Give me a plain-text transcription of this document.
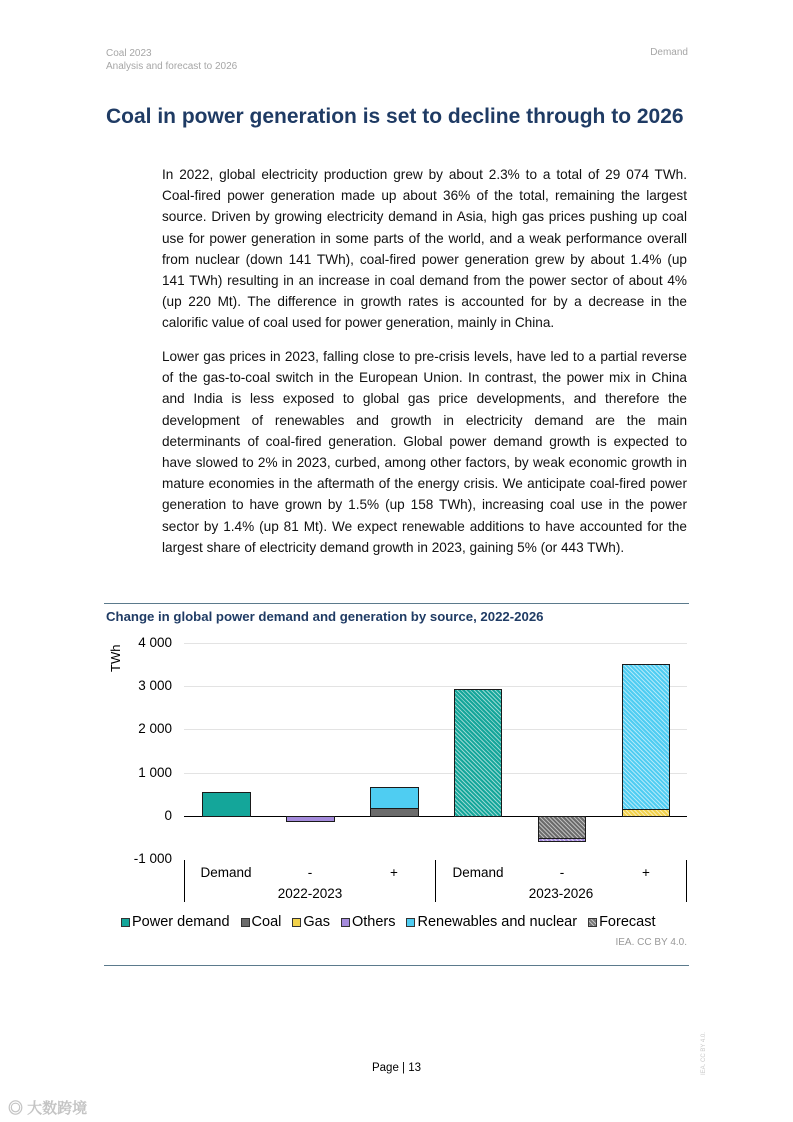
Coal 2023
Analysis and forecast to 2026
Demand
Coal in power generation is set to decline through to 2026
In 2022, global electricity production grew by about 2.3% to a total of 29 074 TWh. Coal-fired power generation made up about 36% of the total, remaining the largest source. Driven by growing electricity demand in Asia, high gas prices pushing up coal use for power generation in some parts of the world, and a weak performance overall from nuclear (down 141 TWh), coal-fired power generation grew by about 1.4% (up 141 TWh) resulting in an increase in coal demand from the power sector of about 4% (up 220 Mt). The difference in growth rates is accounted for by a decrease in the calorific value of coal used for power generation, mainly in China.
Lower gas prices in 2023, falling close to pre-crisis levels, have led to a partial reverse of the gas-to-coal switch in the European Union. In contrast, the power mix in China and India is less exposed to global gas price developments, and therefore the development of renewables and growth in electricity demand are the main determinants of coal-fired generation. Global power demand growth is expected to have slowed to 2% in 2023, curbed, among other factors, by weak economic growth in mature economies in the aftermath of the energy crisis. We anticipate coal-fired power generation to have grown by 1.5% (up 158 TWh), increasing coal use in the power sector by 1.4% (up 81 Mt). We expect renewable additions to have accounted for the largest share of electricity demand growth in 2023, gaining 5% (or 443 TWh).
Change in global power demand and generation by source, 2022-2026
TWh
4 000
3 000
2 000
1 000
0
-1 000
Demand	-	+	Demand	-	+
2022-2023	2023-2026
Power demand Coal Gas Others Renewables and nuclear Forecast
IEA. CC BY 4.0.
Page | 13	IEA. CC BY 4.0.
◎ 大数跨境
